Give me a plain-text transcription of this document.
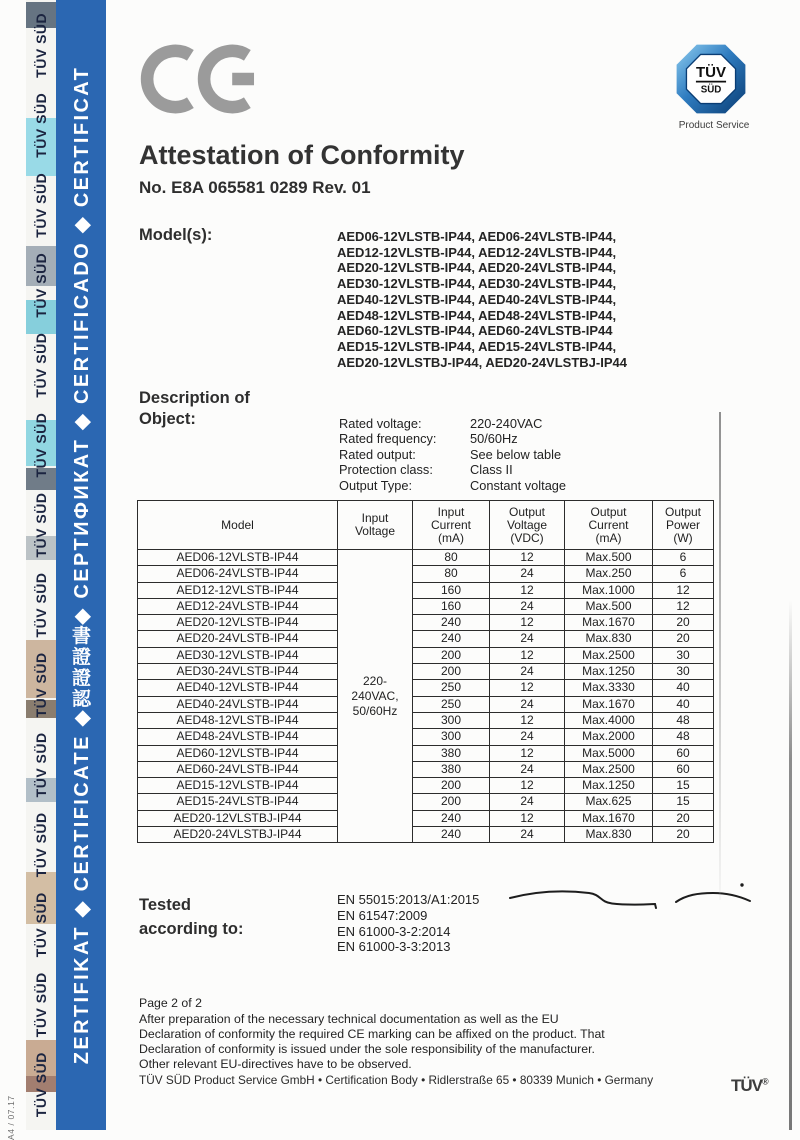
A4 / 07.17
TÜV SÜD  TÜV SÜD  TÜV SÜD  TÜV SÜD  TÜV SÜD  TÜV SÜD  TÜV SÜD  TÜV SÜD  TÜV SÜD  TÜV SÜD  TÜV SÜD  TÜV SÜD  TÜV SÜD  TÜV SÜD	ZERTIFIKAT ◆ CERTIFICATE ◆
認
證
證
書
◆ СЕРТИФИКАТ ◆ CERTIFICADO ◆ CERTIFICAT	TÜV
SÜD
Product Service
Attestation of Conformity
No. E8A 065581 0289 Rev. 01
Model(s):	AED06-12VLSTB-IP44, AED06-24VLSTB-IP44,
AED12-12VLSTB-IP44, AED12-24VLSTB-IP44,
AED20-12VLSTB-IP44, AED20-24VLSTB-IP44,
AED30-12VLSTB-IP44, AED30-24VLSTB-IP44,
AED40-12VLSTB-IP44, AED40-24VLSTB-IP44,
AED48-12VLSTB-IP44, AED48-24VLSTB-IP44,
AED60-12VLSTB-IP44, AED60-24VLSTB-IP44
AED15-12VLSTB-IP44, AED15-24VLSTB-IP44,
AED20-12VLSTBJ-IP44, AED20-24VLSTBJ-IP44
Description of
Object:	Rated voltage:	220-240VAC
Rated frequency:	50/60Hz
Rated output:	See below table
Protection class:	Class II
Output Type:	Constant voltage
Model	Input
Voltage

Input
Current
(mA)

Output
Voltage
(VDC)

Output
Current
(mA)

Output
Power
(W)

AED06-12VLSTB-IP44	220-
240VAC,
50/60Hz	80	12	Max.500	6
AED06-24VLSTB-IP44		80	24	Max.250	6
AED12-12VLSTB-IP44		160	12	Max.1000	12
AED12-24VLSTB-IP44		160	24	Max.500	12
AED20-12VLSTB-IP44		240	12	Max.1670	20
AED20-24VLSTB-IP44		240	24	Max.830	20
AED30-12VLSTB-IP44		200	12	Max.2500	30
AED30-24VLSTB-IP44		200	24	Max.1250	30
AED40-12VLSTB-IP44		250	12	Max.3330	40
AED40-24VLSTB-IP44		250	24	Max.1670	40
AED48-12VLSTB-IP44		300	12	Max.4000	48
AED48-24VLSTB-IP44		300	24	Max.2000	48
AED60-12VLSTB-IP44		380	12	Max.5000	60
AED60-24VLSTB-IP44		380	24	Max.2500	60
AED15-12VLSTB-IP44		200	12	Max.1250	15
AED15-24VLSTB-IP44		200	24	Max.625	15
AED20-12VLSTBJ-IP44		240	12	Max.1670	20
AED20-24VLSTBJ-IP44		240	24	Max.830	20
Tested
according to:
EN 55015:2013/A1:2015
EN 61547:2009
EN 61000-3-2:2014
EN 61000-3-3:2013
Page 2 of 2
After preparation of the necessary technical documentation as well as the EU
Declaration of conformity the required CE marking can be affixed on the product. That
Declaration of conformity is issued under the sole responsibility of the manufacturer.
Other relevant EU-directives have to be observed.
TÜV SÜD Product Service GmbH • Certification Body • Ridlerstraße 65 • 80339 Munich • Germany	TÜV®
